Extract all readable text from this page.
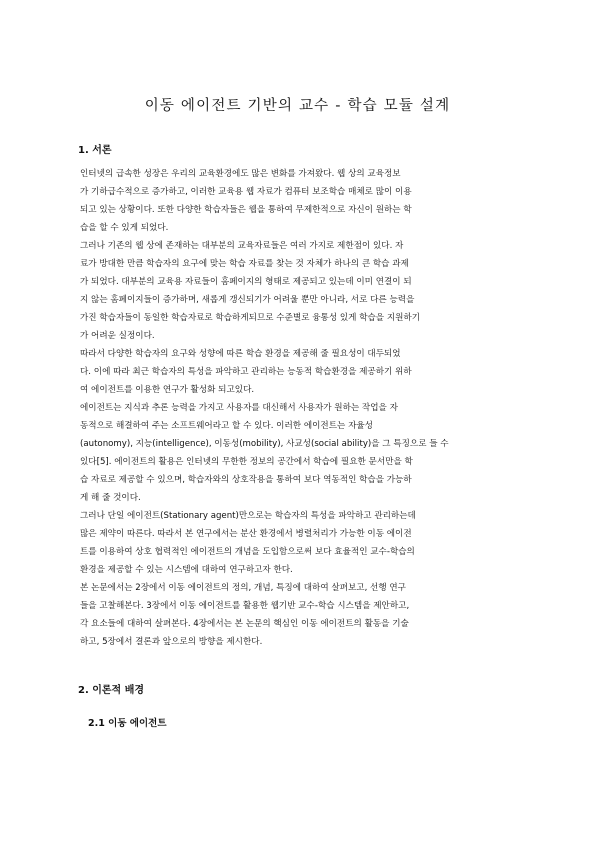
이동 에이전트 기반의 교수 - 학습 모듈 설계
1. 서론

인터넷의 급속한 성장은 우리의 교육환경에도 많은 변화를 가져왔다. 웹 상의 교육정보
가 기하급수적으로 증가하고, 이러한 교육용 웹 자료가 컴퓨터 보조학습 매체로 많이 이용
되고 있는 상황이다. 또한 다양한 학습자들은 웹을 통하여 무제한적으로 자신이 원하는 학
습을 할 수 있게 되었다.

그러나 기존의 웹 상에 존재하는 대부분의 교육자료들은 여러 가지로 제한점이 있다. 자
료가 방대한 만큼 학습자의 요구에 맞는 학습 자료를 찾는 것 자체가 하나의 큰 학습 과제
가 되었다. 대부분의 교육용 자료들이 홈페이지의 형태로 제공되고 있는데 이미 연결이 되
지 않는 홈페이지들이 증가하며, 새롭게 갱신되기가 어려울 뿐만 아니라, 서로 다른 능력을
가진 학습자들이 동일한 학습자료로 학습하게되므로 수준별로 융통성 있게 학습을 지원하기
가 어려운 실정이다.

따라서 다양한 학습자의 요구와 성향에 따른 학습 환경을 제공해 줄 필요성이 대두되었
다. 이에 따라 최근 학습자의 특성을 파악하고 관리하는 능동적 학습환경을 제공하기 위하
여 에이전트를 이용한 연구가 활성화 되고있다.

에이전트는 지식과 추론 능력을 가지고 사용자를 대신해서 사용자가 원하는 작업을 자
동적으로 해결하여 주는 소프트웨어라고 할 수 있다. 이러한 에이전트는 자율성
(autonomy), 지능(intelligence), 이동성(mobility), 사교성(social ability)을 그 특징으로 들 수
있다[5]. 에이전트의 활용은 인터넷의 무한한 정보의 공간에서 학습에 필요한 문서만을 학
습 자료로 제공할 수 있으며, 학습자와의 상호작용을 통하여 보다 역동적인 학습을 가능하
게 해 줄 것이다.

그러나 단일 에이전트(Stationary agent)만으로는 학습자의 특성을 파악하고 관리하는데
많은 제약이 따른다. 따라서 본 연구에서는 분산 환경에서 병렬처리가 가능한 이동 에이전
트를 이용하여 상호 협력적인 에이전트의 개념을 도입함으로써 보다 효율적인 교수-학습의
환경을 제공할 수 있는 시스템에 대하여 연구하고자 한다.

본 논문에서는 2장에서 이동 에이전트의 정의, 개념, 특징에 대하여 살펴보고, 선행 연구
들을 고찰해본다. 3장에서 이동 에이전트를 활용한 웹기반 교수-학습 시스템을 제안하고,
각 요소들에 대하여 살펴본다. 4장에서는 본 논문의 핵심인 이동 에이전트의 활동을 기술
하고, 5장에서 결론과 앞으로의 방향을 제시한다.

2. 이론적 배경
2.1 이동 에이전트
